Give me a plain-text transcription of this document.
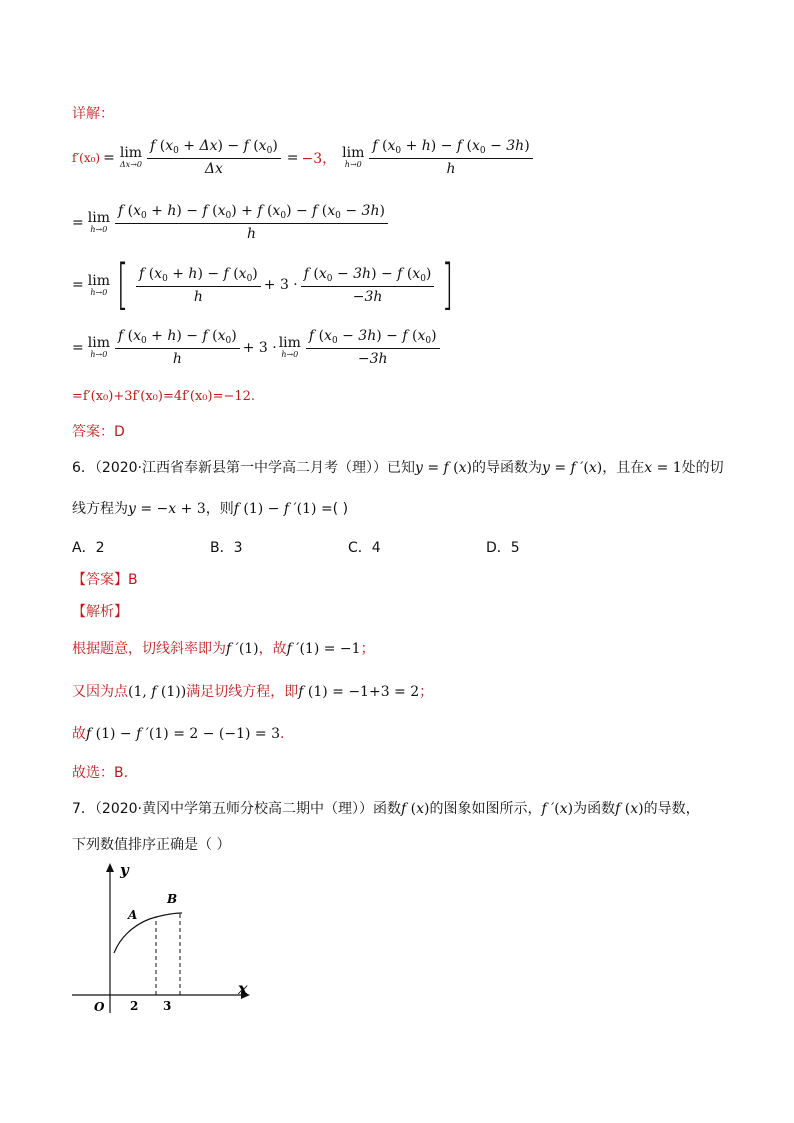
详解：
f′(x₀) = lim
$\Delta x\to 0 \frac{f (x_0 + \Delta x) - f (x_0)}{\Delta x} = -3$， lim
$h\to 0 \frac{f (x_0 + h) - f (x_0 - 3h)}{h}$
= lim
$h\to 0 \frac{f (x_0 + h) - f (x_0) + f (x_0) - f (x_0 - 3h)}{h}$
= lim
h→0 [ $\frac{f (x_0 + h) - f (x_0)}{h} + 3 \cdot \frac{f (x_0 - 3h) - f (x_0)}{-3h}$ ]
= lim
$h\to 0 \frac{f (x_0 + h) - f (x_0)}{h} + 3 \cdot \lim$
$h\to 0 \frac{f (x_0 - 3h) - f (x_0)}{-3h}$
=f′(x₀)+3f′(x₀)=4f′(x₀)=−12.
答案：D
6．（2020·江西省奉新县第一中学高二月考（理））已知y = f (x)的导函数为y = f ′(x)，且在x = 1处的切
线方程为y = −x + 3，则f (1) − f ′(1) =( )
A．2	B．3	C．4	D．5
【答案】B
【解析】
根据题意，切线斜率即为f ′(1)，故f ′(1) = −1；
又因为点(1, f (1))满足切线方程，即f (1) = −1+3 = 2；
故f (1) − f ′(1) = 2 − (−1) = 3.
故选：B.
7．（2020·黄冈中学第五师分校高二期中（理））函数f (x)的图象如图所示，f ′(x)为函数f (x)的导数，
下列数值排序正确是（ ）
y
x
O
A
B
2 3
